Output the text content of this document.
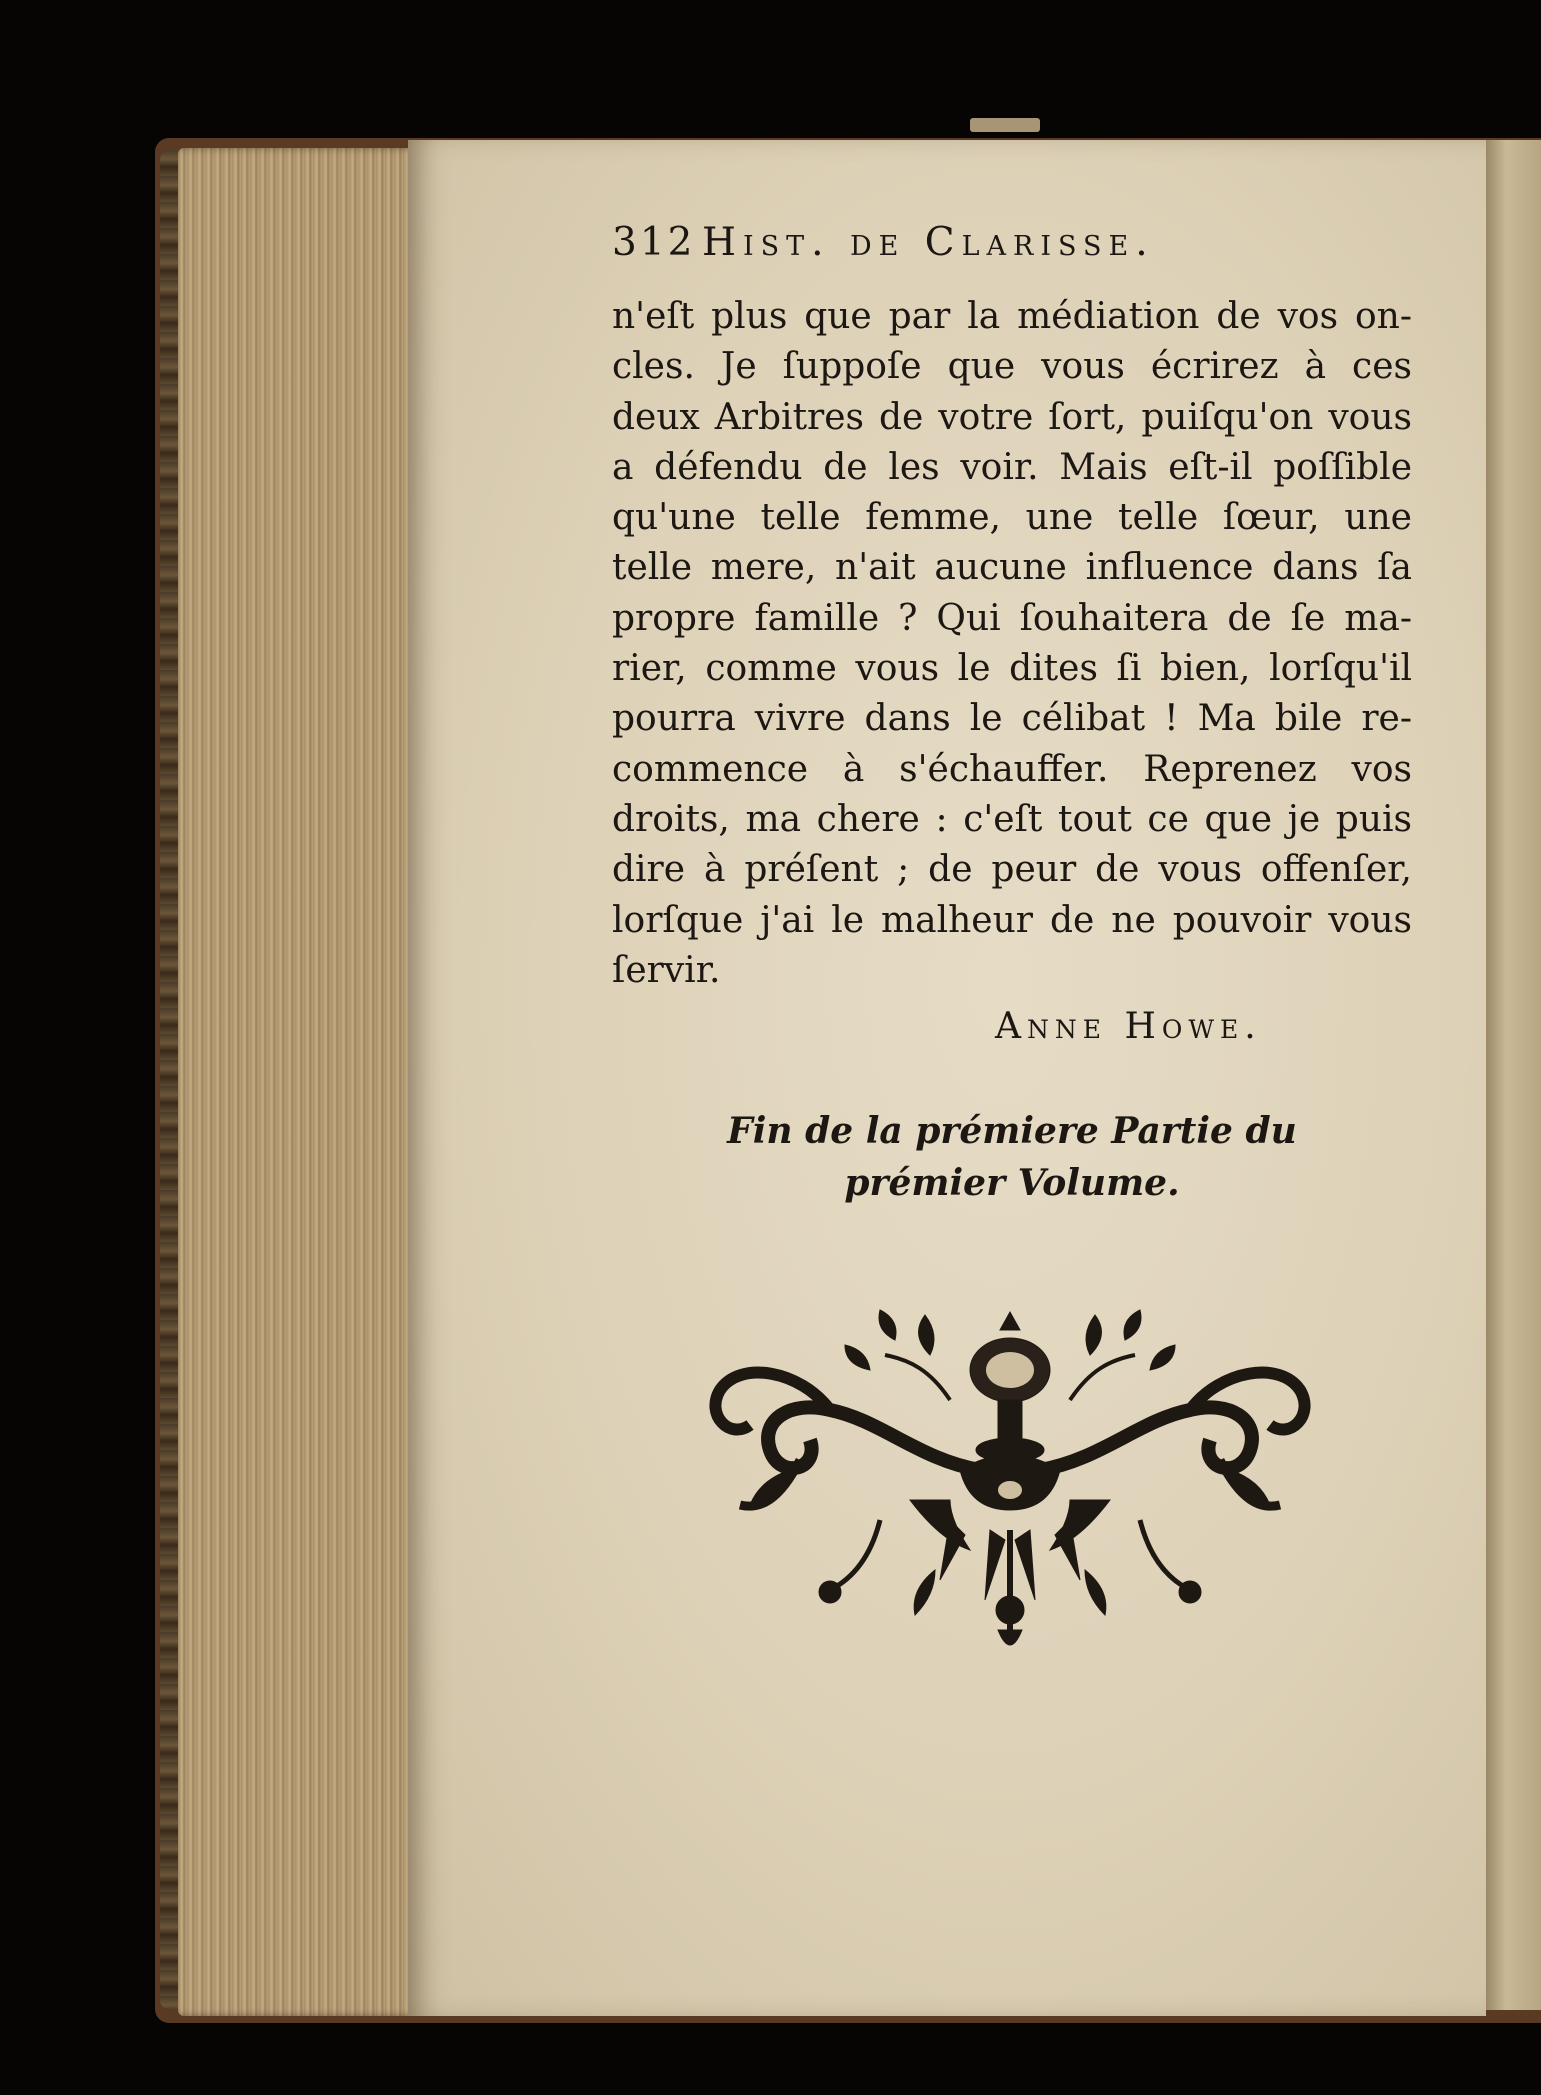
312 Hist. de Clarisse.
n'eſt plus que par la médiation de vos on-
cles. Je ſuppoſe que vous écrirez à ces
deux Arbitres de votre ſort, puiſqu'on vous
a défendu de les voir. Mais eſt-il poſſible
qu'une telle femme, une telle ſœur, une
telle mere, n'ait aucune influence dans ſa
propre famille ? Qui ſouhaitera de ſe ma-
rier, comme vous le dites ſi bien, lorſqu'il
pourra vivre dans le célibat ! Ma bile re-
commence à s'échauffer. Reprenez vos
droits, ma chere : c'eſt tout ce que je puis
dire à préſent ; de peur de vous offenſer,
lorſque j'ai le malheur de ne pouvoir vous
ſervir.
Anne Howe.
Fin de la prémiere Partie du
prémier Volume.
